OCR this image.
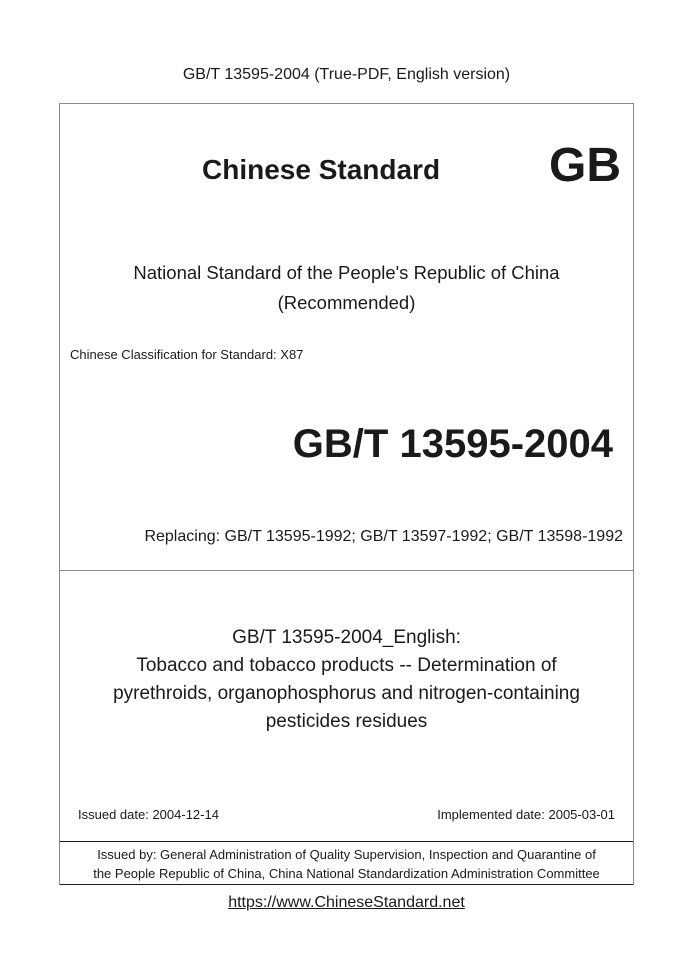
GB/T 13595-2004 (True-PDF, English version)
Chinese Standard GB
National Standard of the People's Republic of China
(Recommended)
Chinese Classification for Standard: X87
GB/T 13595-2004
Replacing: GB/T 13595-1992; GB/T 13597-1992; GB/T 13598-1992
GB/T 13595-2004_English:
Tobacco and tobacco products -- Determination of
pyrethroids, organophosphorus and nitrogen-containing
pesticides residues
Issued date: 2004-12-14	Implemented date: 2005-03-01
Issued by: General Administration of Quality Supervision, Inspection and Quarantine of
the People Republic of China, China National Standardization Administration Committee
https://www.ChineseStandard.net
